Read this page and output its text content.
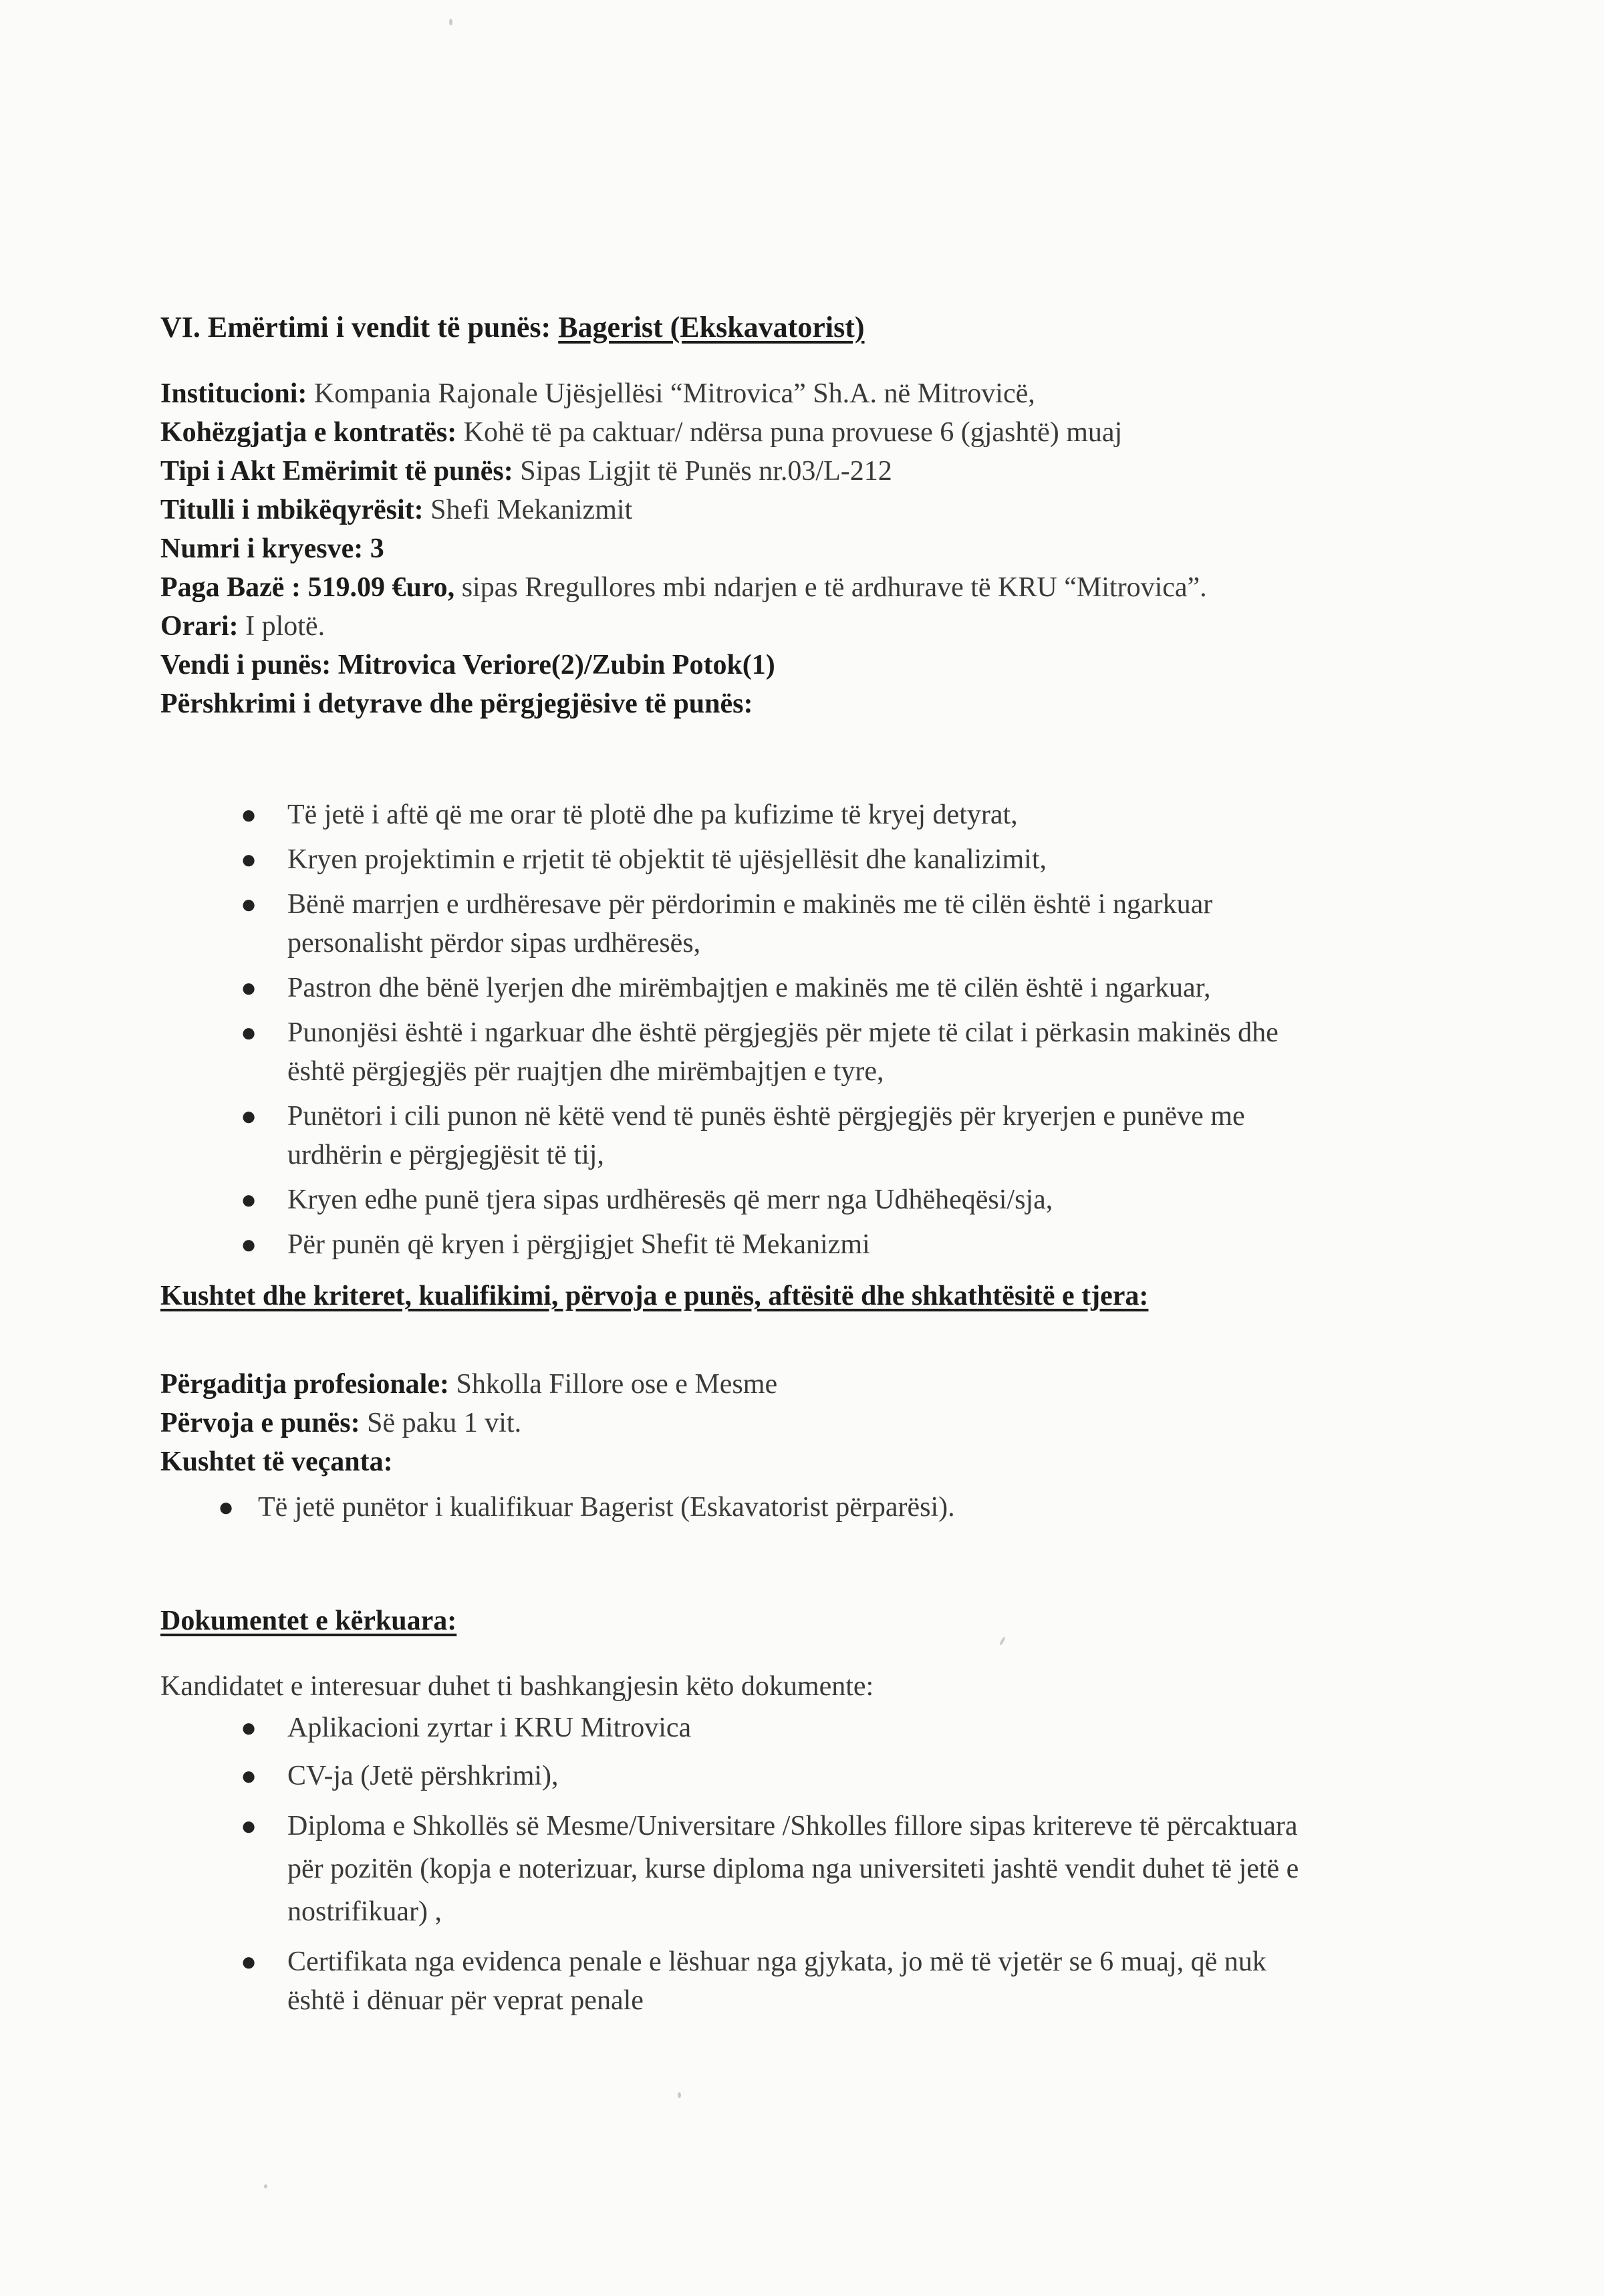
VI. Emërtimi i vendit të punës: Bagerist (Ekskavatorist)
Institucioni: Kompania Rajonale Ujësjellësi “Mitrovica” Sh.A. në Mitrovicë,
Kohëzgjatja e kontratës: Kohë të pa caktuar/ ndërsa puna provuese 6 (gjashtë) muaj
Tipi i Akt Emërimit të punës: Sipas Ligjit të Punës nr.03/L-212
Titulli i mbikëqyrësit: Shefi Mekanizmit
Numri i kryesve: 3
Paga Bazë : 519.09 €uro, sipas Rregullores mbi ndarjen e të ardhurave të KRU “Mitrovica”.
Orari: I plotë.
Vendi i punës: Mitrovica Veriore(2)/Zubin Potok(1)
Përshkrimi i detyrave dhe përgjegjësive të punës:
● Të jetë i aftë që me orar të plotë dhe pa kufizime të kryej detyrat,
● Kryen projektimin e rrjetit të objektit të ujësjellësit dhe kanalizimit,
● Bënë marrjen e urdhëresave për përdorimin e makinës me të cilën është i ngarkuar
personalisht përdor sipas urdhëresës,
● Pastron dhe bënë lyerjen dhe mirëmbajtjen e makinës me të cilën është i ngarkuar,
● Punonjësi është i ngarkuar dhe është përgjegjës për mjete të cilat i përkasin makinës dhe
është përgjegjës për ruajtjen dhe mirëmbajtjen e tyre,
● Punëtori i cili punon në këtë vend të punës është përgjegjës për kryerjen e punëve me
urdhërin e përgjegjësit të tij,
● Kryen edhe punë tjera sipas urdhëresës që merr nga Udhëheqësi/sja,
● Për punën që kryen i përgjigjet Shefit të Mekanizmi
Kushtet dhe kriteret, kualifikimi, përvoja e punës, aftësitë dhe shkathtësitë e tjera:
Përgaditja profesionale: Shkolla Fillore ose e Mesme
Përvoja e punës: Së paku 1 vit.
Kushtet të veçanta:
● Të jetë punëtor i kualifikuar Bagerist (Eskavatorist përparësi).
Dokumentet e kërkuara:
Kandidatet e interesuar duhet ti bashkangjesin këto dokumente:
● Aplikacioni zyrtar i KRU Mitrovica
● CV-ja (Jetë përshkrimi),
● Diploma e Shkollës së Mesme/Universitare /Shkolles fillore sipas kritereve të përcaktuara
për pozitën (kopja e noterizuar, kurse diploma nga universiteti jashtë vendit duhet të jetë e
nostrifikuar) ,
● Certifikata nga evidenca penale e lëshuar nga gjykata, jo më të vjetër se 6 muaj, që nuk
është i dënuar për veprat penale
